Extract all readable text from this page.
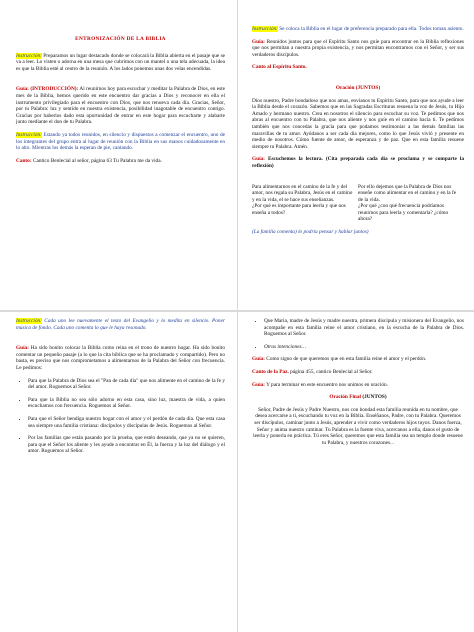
ENTRONIZACIÓN DE LA BIBLIA

Instrucción: Preparamos un lugar destacado donde se colocará la Biblia abierta en el pasaje que se va a leer. Lo visten o adorna en una mesa que cubrimos con un mantel o una tela adecuada, la idea es que la Biblia esté al centro de la reunión. A los lados ponemos unas dos velas encendidas.

Guía: (INTRODUCCIÓN): Al reunirnos hoy para escuchar y meditar la Palabra de Dios, en este mes de la Biblia, hemos querido en este encuentro dar gracias a Dios y reconocer en ella el instrumento privilegiado para el encuentro con Dios, que nos renueva cada día. Gracias, Señor, por tu Palabra: luz y sentido en nuestra existencia, posibilidad inagotable de encuentro contigo. Gracias por haberlos dado esta oportunidad de entrar en este hogar para escucharte y alabarte junto mediante el don de tu Palabra.

Instrucción: Estando ya todos reunidos, en silencio y dispuestos a comenzar el encuentro, uno de los integrantes del grupo entra al lugar de reunión con la Biblia en sus manos cuidadosamente en lo alto. Mientras los demás la esperan de pie, cantando.

Canto: Cantico Benlecial al señor, página 63 Tu Palabra me da vida.

Instrucción: Se coloca la Biblia en el lugar de preferencia preparado para ella. Todos toman asiento.

Guía: Reunidos juntos para que el Espíritu Santo nos guíe para encontrar en la Biblia reflexiones que nos permitan a nuestra propia existencia, y nos permitan encontrarnos con el Señor, y ser sus verdaderos discípulos.

Canto al Espíritu Santo.

Oración (JUNTOS)

Dios nuestro, Padre bondadoso que nos amas, envíanos tu Espíritu Santo, para que nos ayude a leer la Biblia desde el corazón. Sabemos que en las Sagradas Escrituras resuena la voz de Jesús, tu Hijo Amado y hermano nuestro. Crea en nosotros el silencio para escuchar su voz. Te pedimos que nos abras al encuentro con tu Palabra, que nos aliente y nos guíe en el camino hacia ti. Te pedimos también que nos concedas la gracia para que podamos testimoniar a las demás familias las maravillas de tu amor. Ayúdanos a ser cada día mejores, como lo que Jesús vivió y presente en medio de nosotros. Cómo fuente de amor, de esperanza y de paz. Que en esta familia resuene siempre tu Palabra. Amén.

Guía: Escuchemos la lectura. (Cita preparada cada día se proclama y se comparte la reflexión)

Para alimentarnos en el camino de la fe y del amor, nos regala su Palabra, Jesús en el camino y en la vida, el se hace sus enseñanzas.	Por ello dejemos que la Palabra de Dios nos enseñe como alimentar en el camino y en la fe de la vida.
¿Por qué es importante para leerla y que nos enseña a todos?	¿Por qué ¿con qué frecuencia podríamos reunirnos para leerla y comentarla? ¿cómo ahora?

(La familia comenta) lo podría pensar y hablar juntos)

Instrucción: Cada uno lee nuevamente el texto del Evangelio y lo medita en silencio. Poner música de fondo. Cada uno comenta lo que le haya resonado.

Guía: Ha sido bonito colocar la Biblia como reina en el trono de nuestro hogar. Ha sido bonito comentar un pequeño pasaje (a lo que la cita bíblica que se ha proclamado y compartido). Pero no basta, es preciso que nos comprometamos a alimentarnos de la Palabra del Señor con frecuencia. Le pedimos:

• Para que la Palabra de Dios sea el "Pan de cada día" que nos alimente en el camino de la fe y del amor. Roguemos al Señor.
• Para que la Biblia no sea sólo adorno en esta casa, sino luz, maestra de vida, a quien escuchamos con frecuencia. Roguemos al Señor.
• Para que el Señor bendiga nuestro hogar con el amor y el perdón de cada día. Que esta casa sea siempre una familia cristiana: discípulos y discípulas de Jesús. Roguemos al Señor.
• Por las familias que están pasando por la prueba, que estén deseando, que ya no se quieren, para que el Señor los aliente y les ayude a encontrar en Él, la fuerza y la luz del diálogo y el amor. Roguemos al Señor.
• Que María, madre de Jesús y madre nuestra, primera discípula y misionera del Evangelio, nos acompañe en esta familia reine el amor cristiano, en la escucha de la Palabra de Dios. Roguemos al Señor.
• Otras intenciones…

Guía: Como signo de que queremos que en esta familia reine el amor y el perdón.

Canto de la Paz. página 455, cantico Benlecial al Señor.

Guía: Y para terminar en este encuentro nos unimos en oración.

Oración Final (JUNTOS)

Señor, Padre de Jesús y Padre Nuestro, nos con bondad esta familia reunida en tu nombre, que desea acercarse a ti, escuchando tu voz en la Biblia. Enséñanos, Padre, con tu Palabra. Queremos ser discípulos, caminar junto a Jesús, aprender a vivir como verdaderos hijos tuyos. Danos fuerza, Señor y anima nuestro caminar. Tu Palabra es la fuente viva, acercanos a ella, danos el gusto de leerla y ponerla en práctica. Tú eres Señor, queremos que esta familia sea un templo donde resuene tu Palabra, y nuestros corazones...
